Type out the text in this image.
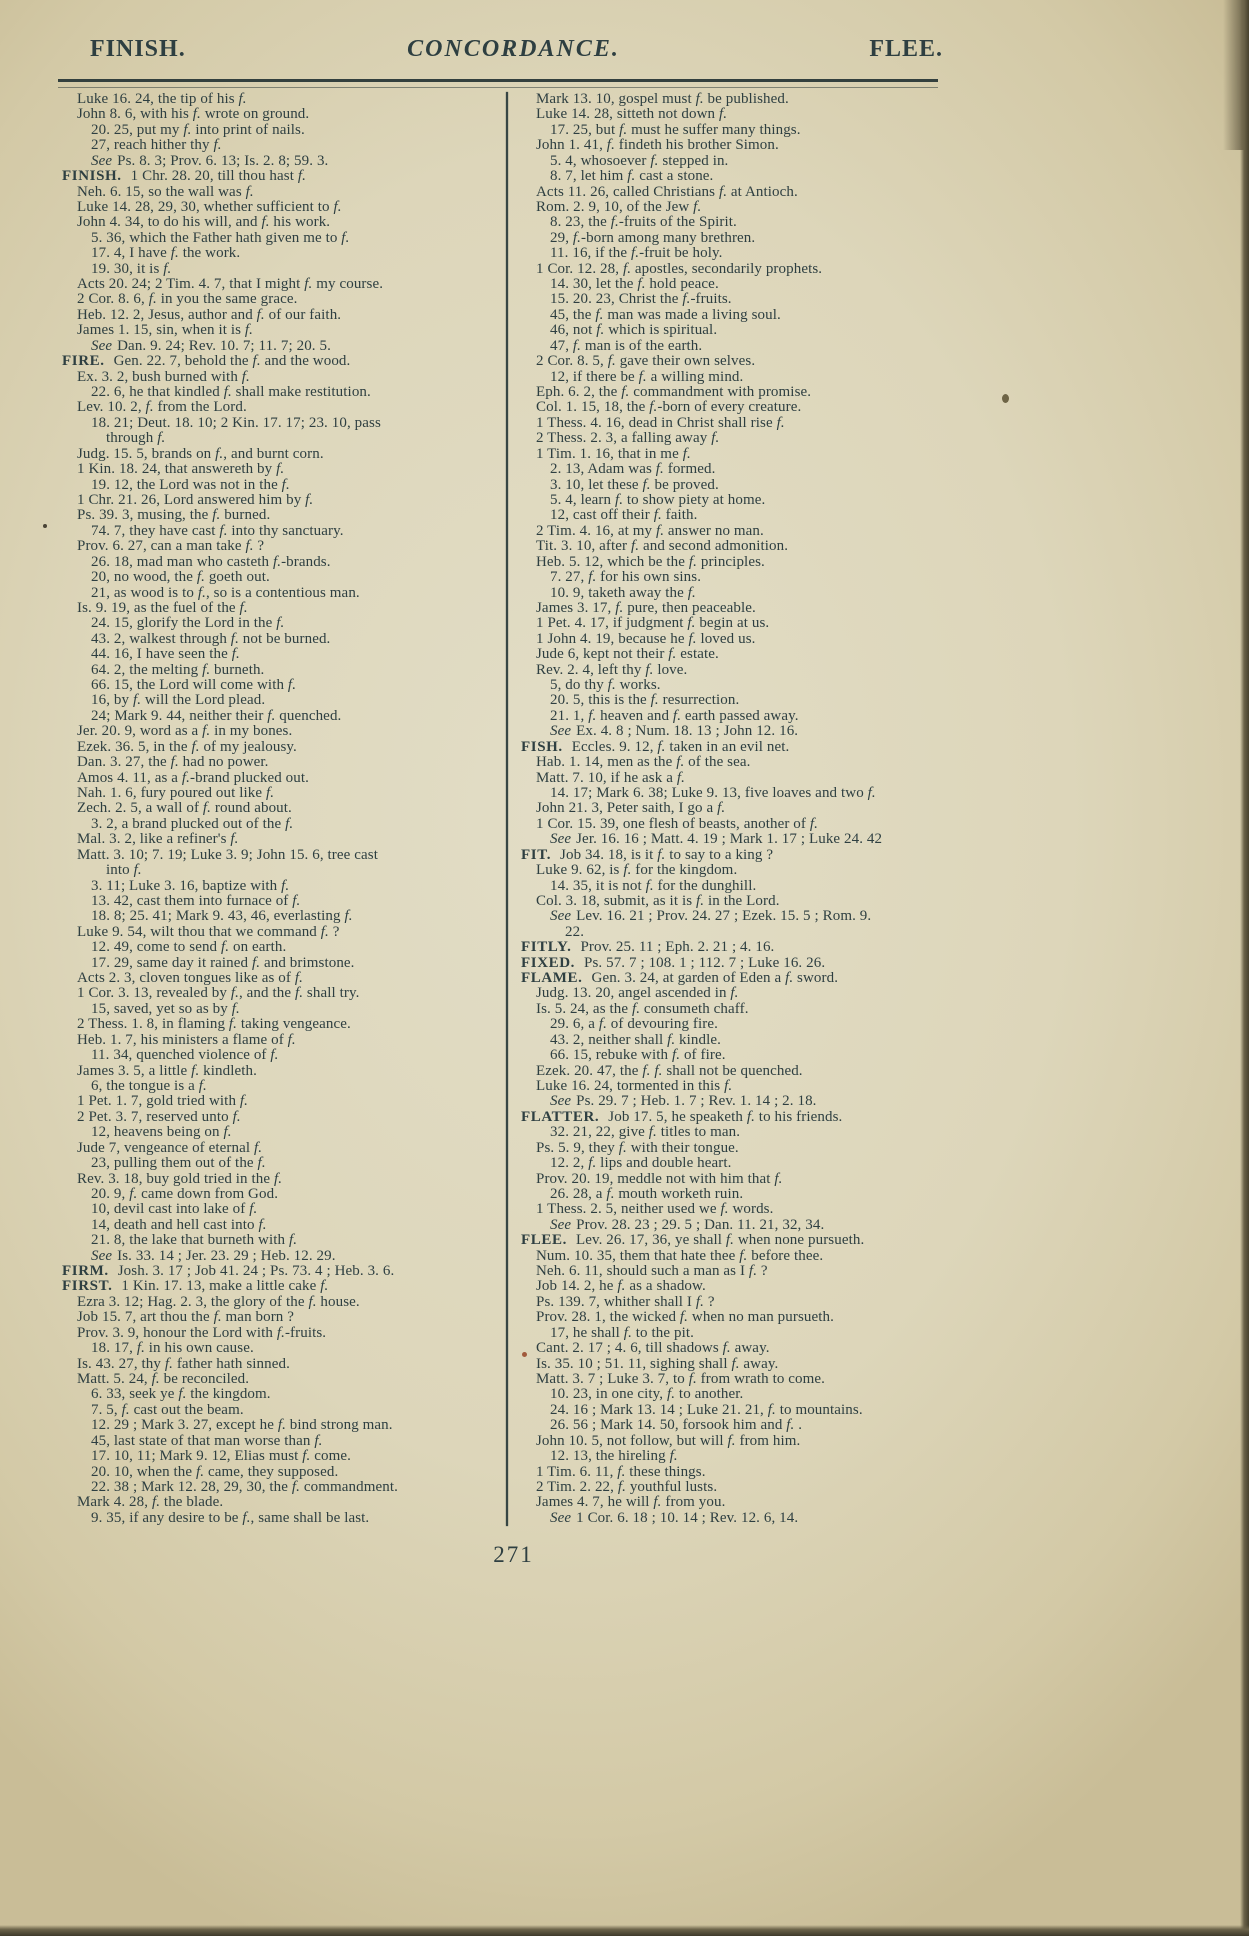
FINISH.	CONCORDANCE.	FLEE.
Luke 16. 24, the tip of his f.
John 8. 6, with his f. wrote on ground.
20. 25, put my f. into print of nails.
27, reach hither thy f.
See Ps. 8. 3; Prov. 6. 13; Is. 2. 8; 59. 3.
FINISH. 1 Chr. 28. 20, till thou hast f.
Neh. 6. 15, so the wall was f.
Luke 14. 28, 29, 30, whether sufficient to f.
John 4. 34, to do his will, and f. his work.
5. 36, which the Father hath given me to f.
17. 4, I have f. the work.
19. 30, it is f.
Acts 20. 24; 2 Tim. 4. 7, that I might f. my course.
2 Cor. 8. 6, f. in you the same grace.
Heb. 12. 2, Jesus, author and f. of our faith.
James 1. 15, sin, when it is f.
See Dan. 9. 24; Rev. 10. 7; 11. 7; 20. 5.
FIRE. Gen. 22. 7, behold the f. and the wood.
Ex. 3. 2, bush burned with f.
22. 6, he that kindled f. shall make restitution.
Lev. 10. 2, f. from the Lord.
18. 21; Deut. 18. 10; 2 Kin. 17. 17; 23. 10, pass
through f.
Judg. 15. 5, brands on f., and burnt corn.
1 Kin. 18. 24, that answereth by f.
19. 12, the Lord was not in the f.
1 Chr. 21. 26, Lord answered him by f.
Ps. 39. 3, musing, the f. burned.
74. 7, they have cast f. into thy sanctuary.
Prov. 6. 27, can a man take f. ?
26. 18, mad man who casteth f.-brands.
20, no wood, the f. goeth out.
21, as wood is to f., so is a contentious man.
Is. 9. 19, as the fuel of the f.
24. 15, glorify the Lord in the f.
43. 2, walkest through f. not be burned.
44. 16, I have seen the f.
64. 2, the melting f. burneth.
66. 15, the Lord will come with f.
16, by f. will the Lord plead.
24; Mark 9. 44, neither their f. quenched.
Jer. 20. 9, word as a f. in my bones.
Ezek. 36. 5, in the f. of my jealousy.
Dan. 3. 27, the f. had no power.
Amos 4. 11, as a f.-brand plucked out.
Nah. 1. 6, fury poured out like f.
Zech. 2. 5, a wall of f. round about.
3. 2, a brand plucked out of the f.
Mal. 3. 2, like a refiner's f.
Matt. 3. 10; 7. 19; Luke 3. 9; John 15. 6, tree cast
into f.
3. 11; Luke 3. 16, baptize with f.
13. 42, cast them into furnace of f.
18. 8; 25. 41; Mark 9. 43, 46, everlasting f.
Luke 9. 54, wilt thou that we command f. ?
12. 49, come to send f. on earth.
17. 29, same day it rained f. and brimstone.
Acts 2. 3, cloven tongues like as of f.
1 Cor. 3. 13, revealed by f., and the f. shall try.
15, saved, yet so as by f.
2 Thess. 1. 8, in flaming f. taking vengeance.
Heb. 1. 7, his ministers a flame of f.
11. 34, quenched violence of f.
James 3. 5, a little f. kindleth.
6, the tongue is a f.
1 Pet. 1. 7, gold tried with f.
2 Pet. 3. 7, reserved unto f.
12, heavens being on f.
Jude 7, vengeance of eternal f.
23, pulling them out of the f.
Rev. 3. 18, buy gold tried in the f.
20. 9, f. came down from God.
10, devil cast into lake of f.
14, death and hell cast into f.
21. 8, the lake that burneth with f.
See Is. 33. 14 ; Jer. 23. 29 ; Heb. 12. 29.
FIRM. Josh. 3. 17 ; Job 41. 24 ; Ps. 73. 4 ; Heb. 3. 6.
FIRST. 1 Kin. 17. 13, make a little cake f.
Ezra 3. 12; Hag. 2. 3, the glory of the f. house.
Job 15. 7, art thou the f. man born ?
Prov. 3. 9, honour the Lord with f.-fruits.
18. 17, f. in his own cause.
Is. 43. 27, thy f. father hath sinned.
Matt. 5. 24, f. be reconciled.
6. 33, seek ye f. the kingdom.
7. 5, f. cast out the beam.
12. 29 ; Mark 3. 27, except he f. bind strong man.
45, last state of that man worse than f.
17. 10, 11; Mark 9. 12, Elias must f. come.
20. 10, when the f. came, they supposed.
22. 38 ; Mark 12. 28, 29, 30, the f. commandment.
Mark 4. 28, f. the blade.
9. 35, if any desire to be f., same shall be last.
Mark 13. 10, gospel must f. be published.
Luke 14. 28, sitteth not down f.
17. 25, but f. must he suffer many things.
John 1. 41, f. findeth his brother Simon.
5. 4, whosoever f. stepped in.
8. 7, let him f. cast a stone.
Acts 11. 26, called Christians f. at Antioch.
Rom. 2. 9, 10, of the Jew f.
8. 23, the f.-fruits of the Spirit.
29, f.-born among many brethren.
11. 16, if the f.-fruit be holy.
1 Cor. 12. 28, f. apostles, secondarily prophets.
14. 30, let the f. hold peace.
15. 20. 23, Christ the f.-fruits.
45, the f. man was made a living soul.
46, not f. which is spiritual.
47, f. man is of the earth.
2 Cor. 8. 5, f. gave their own selves.
12, if there be f. a willing mind.
Eph. 6. 2, the f. commandment with promise.
Col. 1. 15, 18, the f.-born of every creature.
1 Thess. 4. 16, dead in Christ shall rise f.
2 Thess. 2. 3, a falling away f.
1 Tim. 1. 16, that in me f.
2. 13, Adam was f. formed.
3. 10, let these f. be proved.
5. 4, learn f. to show piety at home.
12, cast off their f. faith.
2 Tim. 4. 16, at my f. answer no man.
Tit. 3. 10, after f. and second admonition.
Heb. 5. 12, which be the f. principles.
7. 27, f. for his own sins.
10. 9, taketh away the f.
James 3. 17, f. pure, then peaceable.
1 Pet. 4. 17, if judgment f. begin at us.
1 John 4. 19, because he f. loved us.
Jude 6, kept not their f. estate.
Rev. 2. 4, left thy f. love.
5, do thy f. works.
20. 5, this is the f. resurrection.
21. 1, f. heaven and f. earth passed away.
See Ex. 4. 8 ; Num. 18. 13 ; John 12. 16.
FISH. Eccles. 9. 12, f. taken in an evil net.
Hab. 1. 14, men as the f. of the sea.
Matt. 7. 10, if he ask a f.
14. 17; Mark 6. 38; Luke 9. 13, five loaves and two f.
John 21. 3, Peter saith, I go a f.
1 Cor. 15. 39, one flesh of beasts, another of f.
See Jer. 16. 16 ; Matt. 4. 19 ; Mark 1. 17 ; Luke 24. 42
FIT. Job 34. 18, is it f. to say to a king ?
Luke 9. 62, is f. for the kingdom.
14. 35, it is not f. for the dunghill.
Col. 3. 18, submit, as it is f. in the Lord.
See Lev. 16. 21 ; Prov. 24. 27 ; Ezek. 15. 5 ; Rom. 9.
22.
FITLY. Prov. 25. 11 ; Eph. 2. 21 ; 4. 16.
FIXED. Ps. 57. 7 ; 108. 1 ; 112. 7 ; Luke 16. 26.
FLAME. Gen. 3. 24, at garden of Eden a f. sword.
Judg. 13. 20, angel ascended in f.
Is. 5. 24, as the f. consumeth chaff.
29. 6, a f. of devouring fire.
43. 2, neither shall f. kindle.
66. 15, rebuke with f. of fire.
Ezek. 20. 47, the f. f. shall not be quenched.
Luke 16. 24, tormented in this f.
See Ps. 29. 7 ; Heb. 1. 7 ; Rev. 1. 14 ; 2. 18.
FLATTER. Job 17. 5, he speaketh f. to his friends.
32. 21, 22, give f. titles to man.
Ps. 5. 9, they f. with their tongue.
12. 2, f. lips and double heart.
Prov. 20. 19, meddle not with him that f.
26. 28, a f. mouth worketh ruin.
1 Thess. 2. 5, neither used we f. words.
See Prov. 28. 23 ; 29. 5 ; Dan. 11. 21, 32, 34.
FLEE. Lev. 26. 17, 36, ye shall f. when none pursueth.
Num. 10. 35, them that hate thee f. before thee.
Neh. 6. 11, should such a man as I f. ?
Job 14. 2, he f. as a shadow.
Ps. 139. 7, whither shall I f. ?
Prov. 28. 1, the wicked f. when no man pursueth.
17, he shall f. to the pit.
Cant. 2. 17 ; 4. 6, till shadows f. away.
Is. 35. 10 ; 51. 11, sighing shall f. away.
Matt. 3. 7 ; Luke 3. 7, to f. from wrath to come.
10. 23, in one city, f. to another.
24. 16 ; Mark 13. 14 ; Luke 21. 21, f. to mountains.
26. 56 ; Mark 14. 50, forsook him and f. .
John 10. 5, not follow, but will f. from him.
12. 13, the hireling f.
1 Tim. 6. 11, f. these things.
2 Tim. 2. 22, f. youthful lusts.
James 4. 7, he will f. from you.
See 1 Cor. 6. 18 ; 10. 14 ; Rev. 12. 6, 14.
271
